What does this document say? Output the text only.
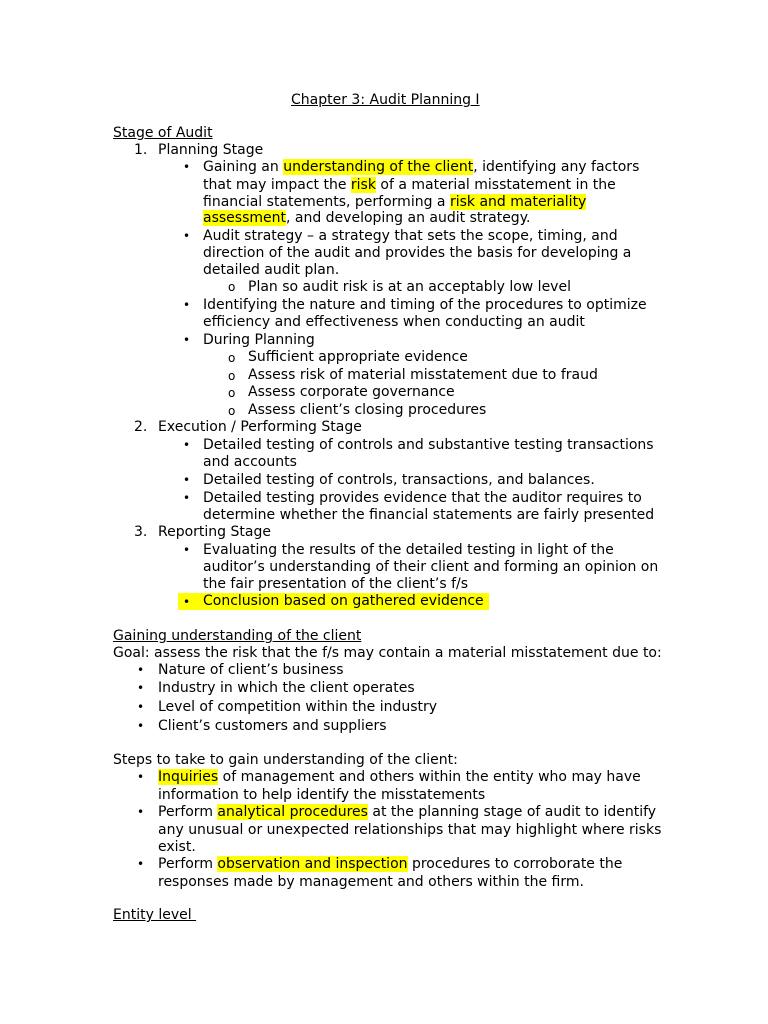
Chapter 3: Audit Planning I
Stage of Audit
1. Planning Stage
• Gaining an understanding of the client, identifying any factors
that may impact the risk of a material misstatement in the
financial statements, performing a risk and materiality
assessment, and developing an audit strategy.
• Audit strategy – a strategy that sets the scope, timing, and
direction of the audit and provides the basis for developing a
detailed audit plan.
o Plan so audit risk is at an acceptably low level
• Identifying the nature and timing of the procedures to optimize
efficiency and effectiveness when conducting an audit
• During Planning
o Sufficient appropriate evidence
o Assess risk of material misstatement due to fraud
o Assess corporate governance
o Assess client’s closing procedures
2. Execution / Performing Stage
• Detailed testing of controls and substantive testing transactions
and accounts
• Detailed testing of controls, transactions, and balances.
• Detailed testing provides evidence that the auditor requires to
determine whether the financial statements are fairly presented
3. Reporting Stage
• Evaluating the results of the detailed testing in light of the
auditor’s understanding of their client and forming an opinion on
the fair presentation of the client’s f/s
Conclusion based on gathered evidence
•
Gaining understanding of the client
Goal: assess the risk that the f/s may contain a material misstatement due to:
• Nature of client’s business
• Industry in which the client operates
• Level of competition within the industry
• Client’s customers and suppliers
Steps to take to gain understanding of the client:
• Inquiries of management and others within the entity who may have
information to help identify the misstatements
• Perform analytical procedures at the planning stage of audit to identify
any unusual or unexpected relationships that may highlight where risks
exist.
• Perform observation and inspection procedures to corroborate the
responses made by management and others within the firm.
Entity level
